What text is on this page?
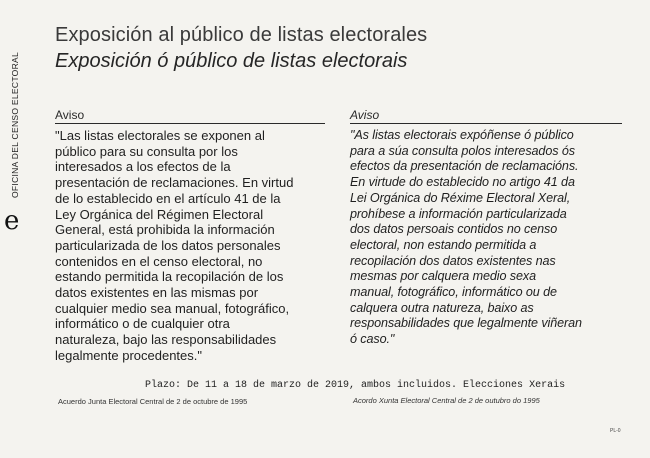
OFICINA DEL CENSO ELECTORAL
e
Exposición al público de listas electorales
Exposición ó público de listas electorais
Aviso
"Las listas electorales se exponen al
público para su consulta por los
interesados a los efectos de la
presentación de reclamaciones. En virtud
de lo establecido en el artículo 41 de la
Ley Orgánica del Régimen Electoral
General, está prohibida la información
particularizada de los datos personales
contenidos en el censo electoral, no
estando permitida la recopilación de los
datos existentes en las mismas por
cualquier medio sea manual, fotográfico,
informático o de cualquier otra
naturaleza, bajo las responsabilidades
legalmente procedentes."
Aviso
"As listas electorais expóñense ó público
para a súa consulta polos interesados ós
efectos da presentación de reclamacións.
En virtude do establecido no artigo 41 da
Lei Orgánica do Réxime Electoral Xeral,
prohíbese a información particularizada
dos datos persoais contidos no censo
electoral, non estando permitida a
recopilación dos datos existentes nas
mesmas por calquera medio sexa
manual, fotográfico, informático ou de
calquera outra natureza, baixo as
responsabilidades que legalmente viñeran
ó caso."
Plazo: De 11 a 18 de marzo de 2019, ambos incluidos. Elecciones Xerais
Acuerdo Junta Electoral Central de 2 de octubre de 1995	Acordo Xunta Electoral Central de 2 de outubro do 1995
PL-0
